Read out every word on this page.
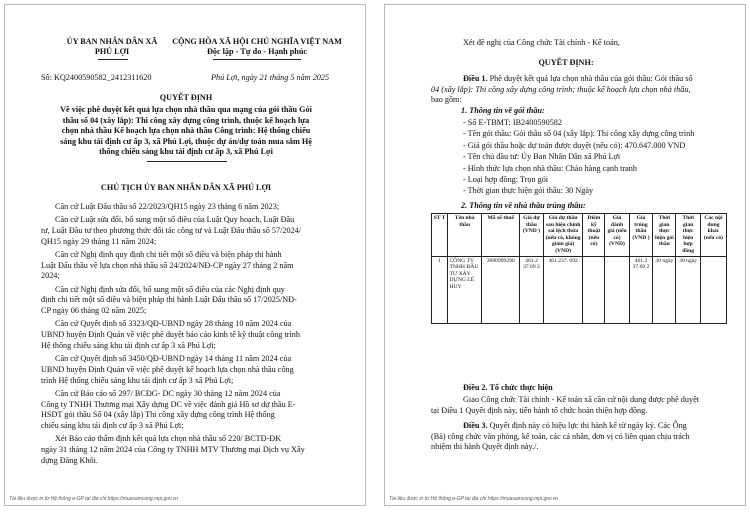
ỦY BAN NHÂN DÂN XÃ
PHÚ LỢI
CỘNG HÒA XÃ HỘI CHỦ NGHĨA VIỆT NAM
Độc lập - Tự do - Hạnh phúc
Số: KQ2400590582_2412311620	Phú Lợi, ngày 21 tháng 5 năm 2025
QUYẾT ĐỊNH
Về việc phê duyệt kết quả lựa chọn nhà thầu qua mạng của gói thầu Gói
thầu số 04 (xây lắp): Thi công xây dựng công trình, thuộc kế hoạch lựa
chọn nhà thầu Kế hoạch lựa chọn nhà thầu Công trình: Hệ thống chiếu
sáng khu tái định cư ấp 3, xã Phú Lợi, thuộc dự án/dự toán mua sắm Hệ
thống chiếu sáng khu tái định cư ấp 3, xã Phú Lợi
CHỦ TỊCH ỦY BAN NHÂN DÂN XÃ PHÚ LỢI
Căn cứ Luật Đấu thầu số 22/2023/QH15 ngày 23 tháng 6 năm 2023;
Căn cứ Luật sửa đổi, bổ sung một số điều của Luật Quy hoạch, Luật Đầu
tư, Luật Đầu tư theo phương thức đối tác công tư và Luật Đấu thầu số 57/2024/
QH15 ngày 29 tháng 11 năm 2024;
Căn cứ Nghị định quy định chi tiết một số điều và biện pháp thi hành
Luật Đấu thầu về lựa chọn nhà thầu số 24/2024/NĐ-CP ngày 27 tháng 2 năm
2024;
Căn cứ Nghị định sửa đổi, bổ sung một số điều của các Nghị định quy
định chi tiết một số điều và biện pháp thi hành Luật Đấu thầu số 17/2025/NĐ-
CP ngày 06 tháng 02 năm 2025;
Căn cứ Quyết định số 3323/QĐ-UBND ngày 28 tháng 10 năm 2024 của
UBND huyện Định Quán về việc phê duyệt báo cáo kinh tế kỹ thuật công trình
Hệ thống chiếu sáng khu tái định cư ấp 3 xã Phú Lợi;
Căn cứ Quyết định số 3450/QĐ-UBND ngày 14 tháng 11 năm 2024 của
UBND huyện Định Quán về việc phê duyệt kế hoạch lựa chọn nhà thầu công
trình Hệ thống chiếu sáng khu tái định cư ấp 3 xã Phú Lợi;
Căn cứ Báo cáo số 297/ BCĐG- DC ngày 30 tháng 12 năm 2024 của
Công ty TNHH Thương mại Xây dựng DC về việc đánh giá Hồ sơ dự thầu E-
HSDT gói thầu Số 04 (xây lắp) Thi công xây dựng công trình Hệ thống
chiếu sáng khu tái định cư ấp 3 xã Phú Lợi;
Xét Báo cáo thẩm định kết quả lựa chọn nhà thầu số 220/ BCTĐ-ĐK
ngày 31 tháng 12 năm 2024 của Công ty TNHH MTV Thương mại Dịch vụ Xây
dựng Đăng Khôi.
Tài liệu được in từ Hệ thống e-GP tại địa chỉ https://muasamcong.mpi.gov.vn
Xét đề nghị của Công chức Tài chính - Kế toán,
QUYẾT ĐỊNH:
Điều 1. Phê duyệt kết quả lựa chọn nhà thầu của gói thầu: Gói thầu số
04 (xây lắp): Thi công xây dựng công trình; thuộc kế hoạch lựa chọn nhà thầu,
bao gồm:
1. Thông tin về gói thầu:
- Số E-TBMT: IB2400590582
- Tên gói thầu: Gói thầu số 04 (xây lắp): Thi công xây dựng công trình
- Giá gói thầu hoặc dự toán được duyệt (nếu có): 470.647.000 VND
- Tên chủ đầu tư: Ủy Ban Nhân Dân xã Phú Lợi
- Hình thức lựa chọn nhà thầu: Chào hàng cạnh tranh
- Loại hợp đồng: Trọn gói
- Thời gian thực hiện gói thầu: 30 Ngày
2. Thông tin về nhà thầu trúng thầu:
ST T	Tên nhà thầu	Mã số thuế	Giá dự thầu (VND )	Giá dự thầu sau hiệu chỉnh sai lệch thừa (nếu có, không giảm giá) (VND)	Điểm kỹ thuật (nếu có)	Giá đánh giá (nếu có) (VND)	Giá trúng thầu (VND )	Thời gian thực hiện gói thầu	Thời gian thực hiện hợp đồng	Các nội dung khác (nếu có)
1	CÔNG TY TNHH ĐẦU TƯ XÂY DỰNG LÊ HUY	3600999290	461.2 37.69 2	461.237. 692			461.2 37.69 2	30 ngày	30 ngày	
Điều 2. Tổ chức thực hiện
Giao Công chức Tài chính - Kế toán xã căn cứ nội dung được phê duyệt
tại Điều 1 Quyết định này, tiến hành tổ chức hoàn thiện hợp đồng.
Điều 3. Quyết định này có hiệu lực thi hành kể từ ngày ký. Các Ông
(Bà) công chức văn phòng, kế toán, các cá nhân, đơn vị có liên quan chịu trách
nhiệm thi hành Quyết định này./.
Tài liệu được in từ Hệ thống e-GP tại địa chỉ https://muasamcong.mpi.gov.vn
